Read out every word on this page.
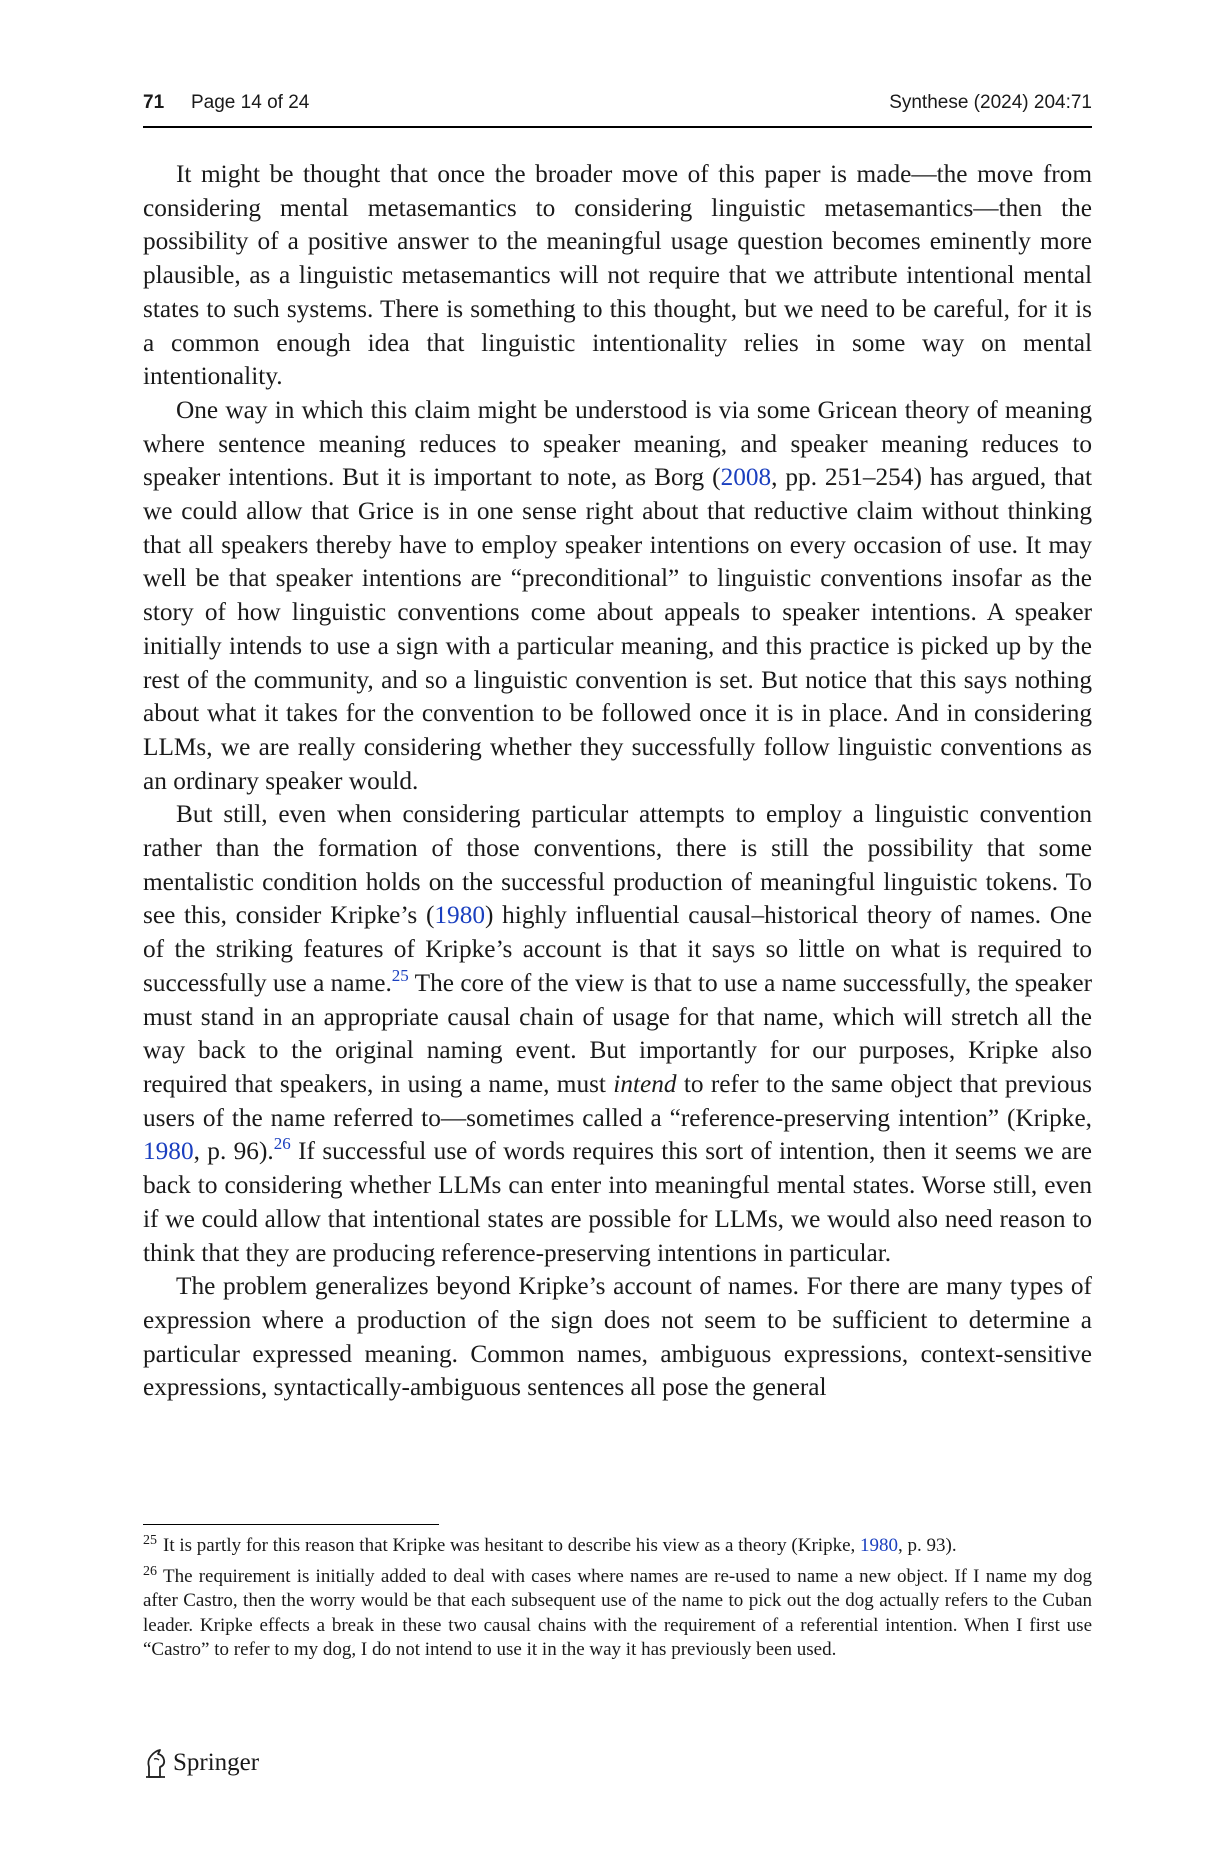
71 Page 14 of 24	Synthese (2024) 204:71

It might be thought that once the broader move of this paper is made—the move from considering mental metasemantics to considering linguistic metasemantics—then the possibility of a positive answer to the meaningful usage question becomes eminently more plausible, as a linguistic metasemantics will not require that we attribute intentional mental states to such systems. There is something to this thought, but we need to be careful, for it is a common enough idea that linguistic intentionality relies in some way on mental intentionality.

One way in which this claim might be understood is via some Gricean theory of meaning where sentence meaning reduces to speaker meaning, and speaker meaning reduces to speaker intentions. But it is important to note, as Borg (2008, pp. 251–254) has argued, that we could allow that Grice is in one sense right about that reductive claim without thinking that all speakers thereby have to employ speaker intentions on every occasion of use. It may well be that speaker intentions are “preconditional” to linguistic conventions insofar as the story of how linguistic conventions come about appeals to speaker intentions. A speaker initially intends to use a sign with a particular meaning, and this practice is picked up by the rest of the community, and so a linguistic convention is set. But notice that this says nothing about what it takes for the convention to be followed once it is in place. And in considering LLMs, we are really considering whether they successfully follow linguistic conventions as an ordinary speaker would.

But still, even when considering particular attempts to employ a linguistic convention rather than the formation of those conventions, there is still the possibility that some mentalistic condition holds on the successful production of meaningful linguistic tokens. To see this, consider Kripke’s (1980) highly influential causal–historical theory of names. One of the striking features of Kripke’s account is that it says so little on what is required to successfully use a name.$^{25}$ The core of the view is that to use a name successfully, the speaker must stand in an appropriate causal chain of usage for that name, which will stretch all the way back to the original naming event. But importantly for our purposes, Kripke also required that speakers, in using a name, must intend to refer to the same object that previous users of the name referred to—sometimes called a “reference-preserving intention” (Kripke, 1980, p. 96).$^{26}$ If successful use of words requires this sort of intention, then it seems we are back to considering whether LLMs can enter into meaningful mental states. Worse still, even if we could allow that intentional states are possible for LLMs, we would also need reason to think that they are producing reference-preserving intentions in particular.

The problem generalizes beyond Kripke’s account of names. For there are many types of expression where a production of the sign does not seem to be sufficient to determine a particular expressed meaning. Common names, ambiguous expressions, context-sensitive expressions, syntactically-ambiguous sentences all pose the general

$^{25}$ It is partly for this reason that Kripke was hesitant to describe his view as a theory (Kripke, 1980, p. 93).

$^{26}$ The requirement is initially added to deal with cases where names are re-used to name a new object. If I name my dog after Castro, then the worry would be that each subsequent use of the name to pick out the dog actually refers to the Cuban leader. Kripke effects a break in these two causal chains with the requirement of a referential intention. When I first use “Castro” to refer to my dog, I do not intend to use it in the way it has previously been used.

Springer
